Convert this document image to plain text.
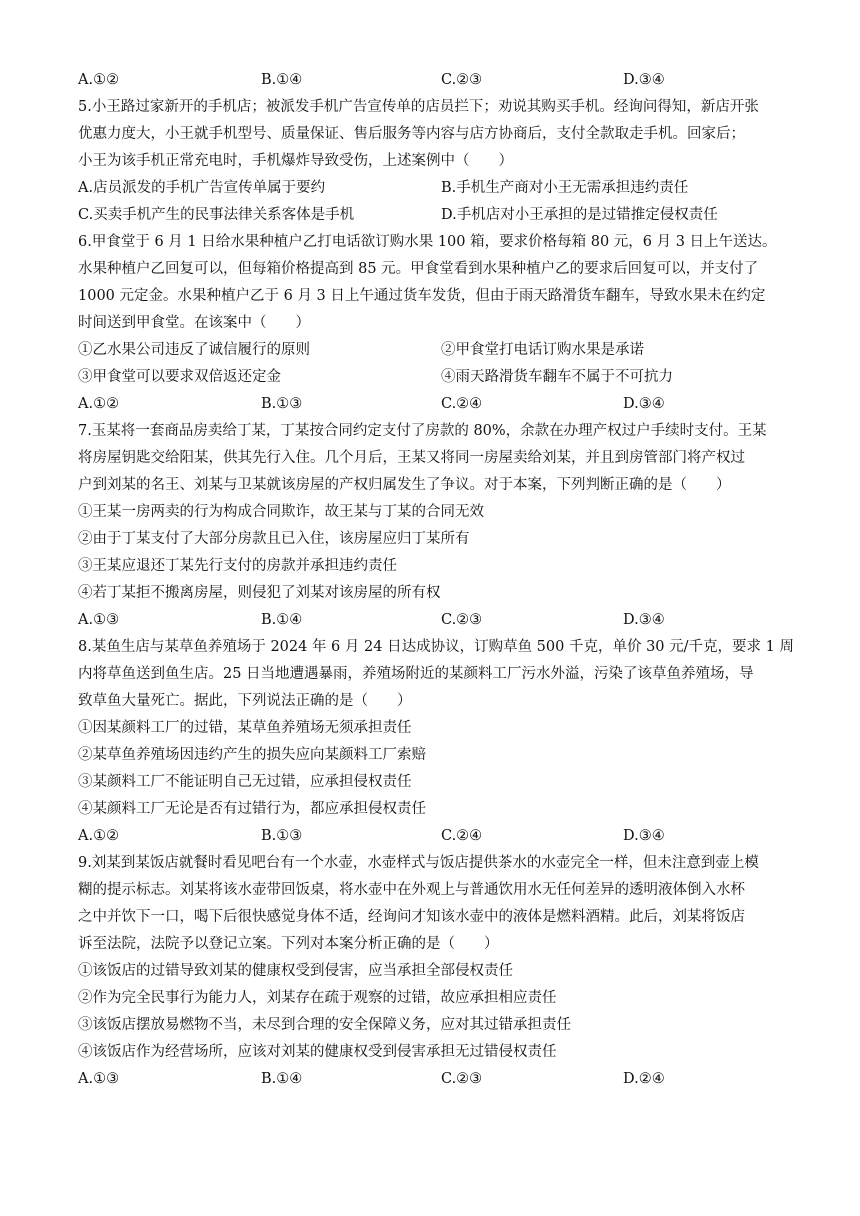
A.①②	B.①④	C.②③	D.③④
5.小王路过家新开的手机店；被派发手机广告宣传单的店员拦下；劝说其购买手机。经询问得知，新店开张
优惠力度大，小王就手机型号、质量保证、售后服务等内容与店方协商后，支付全款取走手机。回家后；
小王为该手机正常充电时，手机爆炸导致受伤，上述案例中（　　）
A.店员派发的手机广告宣传单属于要约	B.手机生产商对小王无需承担违约责任
C.买卖手机产生的民事法律关系客体是手机	D.手机店对小王承担的是过错推定侵权责任
6.甲食堂于 6 月 1 日给水果种植户乙打电话欲订购水果 100 箱，要求价格每箱 80 元，6 月 3 日上午送达。
水果种植户乙回复可以，但每箱价格提高到 85 元。甲食堂看到水果种植户乙的要求后回复可以，并支付了
1000 元定金。水果种植户乙于 6 月 3 日上午通过货车发货，但由于雨天路滑货车翻车，导致水果未在约定
时间送到甲食堂。在该案中（　　）
①乙水果公司违反了诚信履行的原则	②甲食堂打电话订购水果是承诺
③甲食堂可以要求双倍返还定金	④雨天路滑货车翻车不属于不可抗力
A.①②	B.①③	C.②④	D.③④
7.玉某将一套商品房卖给丁某，丁某按合同约定支付了房款的 80%，余款在办理产权过户手续时支付。王某
将房屋钥匙交给阳某，供其先行入住。几个月后，王某又将同一房屋卖给刘某，并且到房管部门将产权过
户到刘某的名王、刘某与卫某就该房屋的产权归属发生了争议。对于本案，下列判断正确的是（　　）
①王某一房两卖的行为构成合同欺诈，故王某与丁某的合同无效
②由于丁某支付了大部分房款且已入住，该房屋应归丁某所有
③王某应退还丁某先行支付的房款并承担违约责任
④若丁某拒不搬离房屋，则侵犯了刘某对该房屋的所有权
A.①③	B.①④	C.②③	D.③④
8.某鱼生店与某草鱼养殖场于 2024 年 6 月 24 日达成协议，订购草鱼 500 千克，单价 30 元/千克，要求 1 周
内将草鱼送到鱼生店。25 日当地遭遇暴雨，养殖场附近的某颜料工厂污水外溢，污染了该草鱼养殖场，导
致草鱼大量死亡。据此，下列说法正确的是（　　）
①因某颜料工厂的过错，某草鱼养殖场无须承担责任
②某草鱼养殖场因违约产生的损失应向某颜料工厂索赔
③某颜料工厂不能证明自己无过错，应承担侵权责任
④某颜料工厂无论是否有过错行为，都应承担侵权责任
A.①②	B.①③	C.②④	D.③④
9.刘某到某饭店就餐时看见吧台有一个水壶，水壶样式与饭店提供茶水的水壶完全一样，但未注意到壶上模
糊的提示标志。刘某将该水壶带回饭桌，将水壶中在外观上与普通饮用水无任何差异的透明液体倒入水杯
之中并饮下一口，喝下后很快感觉身体不适，经询问才知该水壶中的液体是燃料酒精。此后，刘某将饭店
诉至法院，法院予以登记立案。下列对本案分析正确的是（　　）
①该饭店的过错导致刘某的健康权受到侵害，应当承担全部侵权责任
②作为完全民事行为能力人，刘某存在疏于观察的过错，故应承担相应责任
③该饭店摆放易燃物不当，未尽到合理的安全保障义务，应对其过错承担责任
④该饭店作为经营场所，应该对刘某的健康权受到侵害承担无过错侵权责任
A.①③	B.①④	C.②③	D.②④
